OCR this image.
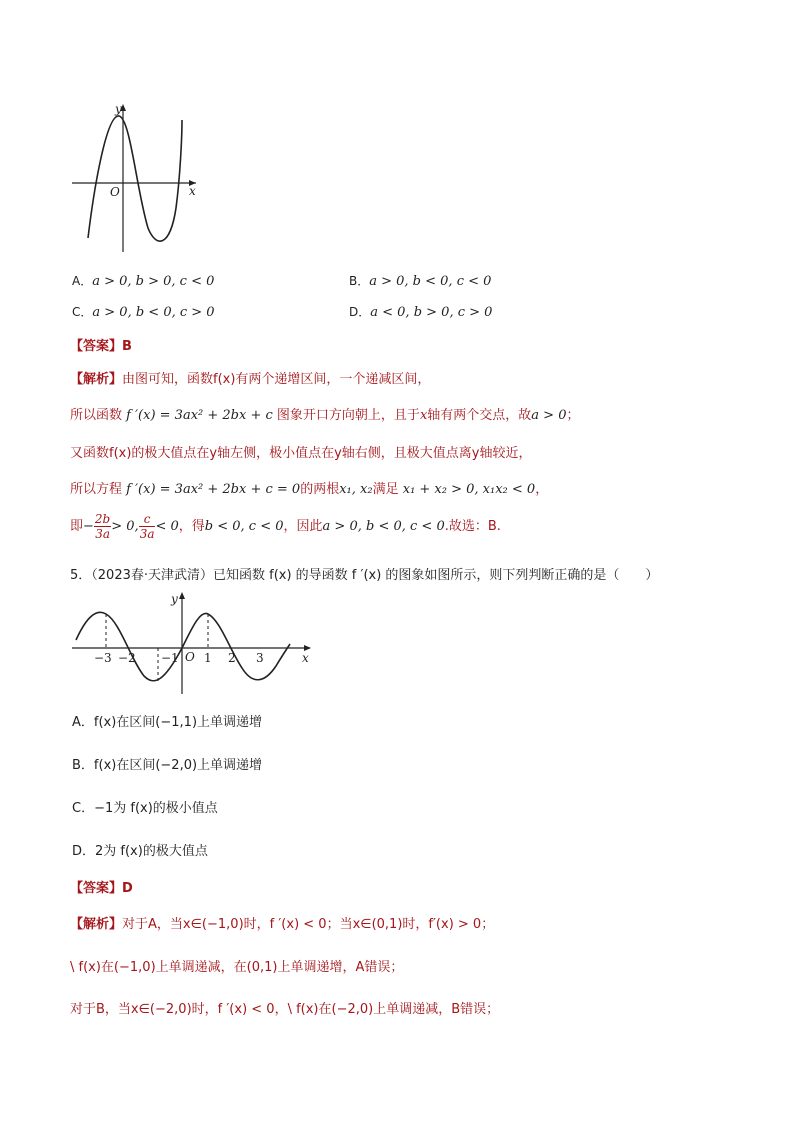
y
x
O
A．a > 0, b > 0, c < 0	B．a > 0, b < 0, c < 0
C．a > 0, b < 0, c > 0	D．a < 0, b > 0, c > 0
【答案】B
【解析】由图可知，函数f(x)有两个递增区间，一个递减区间，
所以函数 f ′(x) = 3ax² + 2bx + c 图象开口方向朝上，且于x轴有两个交点，故a > 0；
又函数f(x)的极大值点在y轴左侧，极小值点在y轴右侧，且极大值点离y轴较近，
所以方程 f ′(x) = 3ax² + 2bx + c = 0的两根x₁, x₂满足 x₁ + x₂ > 0, x₁x₂ < 0，
即− $\frac{2b}{3a} > 0$, $\frac{c}{3a} < 0$，得b < 0, c < 0，因此a > 0, b < 0, c < 0.故选：B.
5．（2023春·天津武清）已知函数 f(x) 的导函数 f ′(x) 的图象如图所示，则下列判断正确的是（　　）
y
x
O
−3 −2 −1 1 2 3
A．f(x)在区间(−1,1)上单调递增
B．f(x)在区间(−2,0)上单调递增
C．−1为 f(x)的极小值点
D．2为 f(x)的极大值点
【答案】D
【解析】对于A，当x∈(−1,0)时，f ′(x) < 0；当x∈(0,1)时，f′(x) > 0；
\ f(x)在(−1,0)上单调递减，在(0,1)上单调递增，A错误；
对于B，当x∈(−2,0)时，f ′(x) < 0，\ f(x)在(−2,0)上单调递减，B错误；
